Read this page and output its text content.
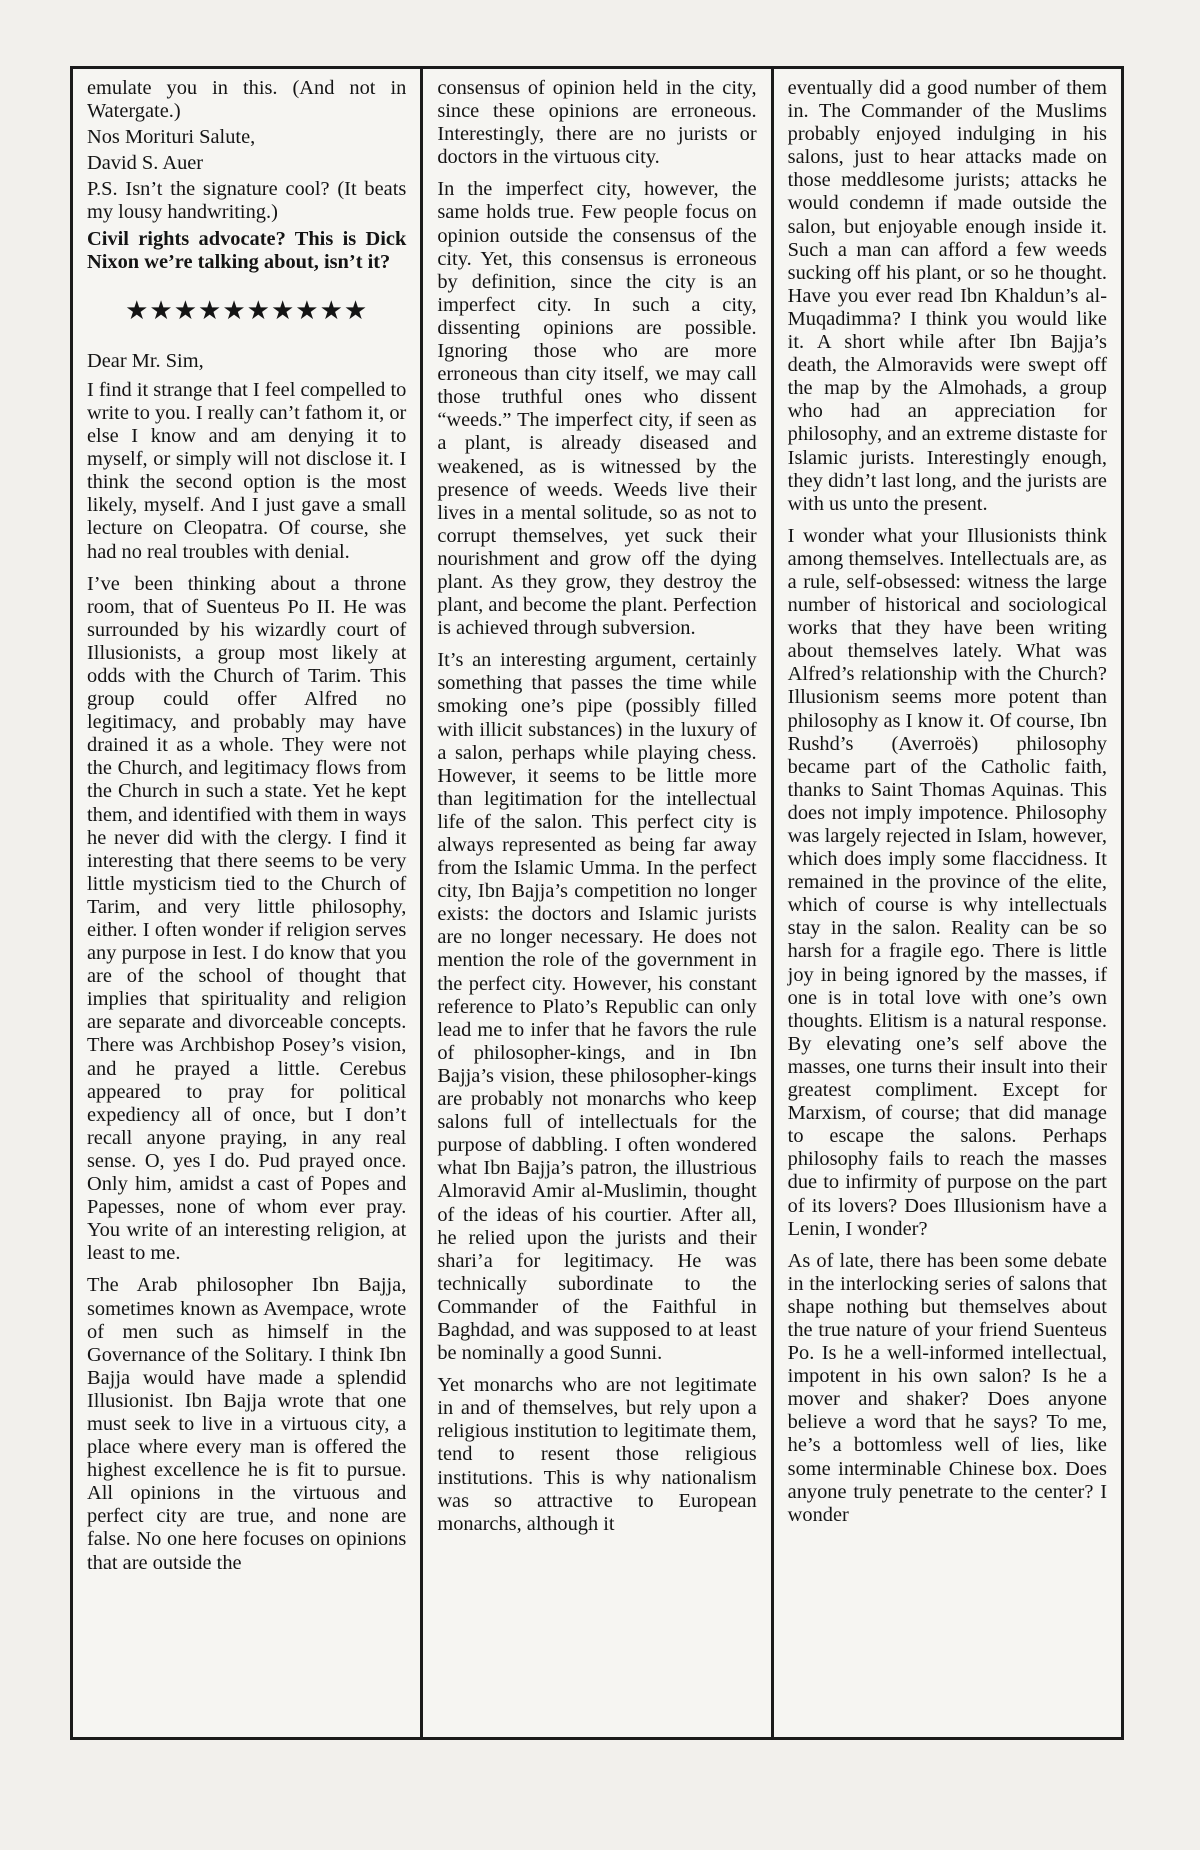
emulate you in this. (And not in Watergate.)

Nos Morituri Salute,

David S. Auer

P.S. Isn’t the signature cool? (It beats my lousy handwriting.)

Civil rights advocate? This is Dick Nixon we’re talking about, isn’t it?

★★★★★★★★★★

Dear Mr. Sim,

I find it strange that I feel compelled to write to you. I really can’t fathom it, or else I know and am denying it to myself, or simply will not disclose it. I think the second option is the most likely, myself. And I just gave a small lecture on Cleopatra. Of course, she had no real troubles with denial.

I’ve been thinking about a throne room, that of Suenteus Po II. He was surrounded by his wizardly court of Illusionists, a group most likely at odds with the Church of Tarim. This group could offer Alfred no legitimacy, and probably may have drained it as a whole. They were not the Church, and legitimacy flows from the Church in such a state. Yet he kept them, and identified with them in ways he never did with the clergy. I find it interesting that there seems to be very little mysticism tied to the Church of Tarim, and very little philosophy, either. I often wonder if religion serves any purpose in Iest. I do know that you are of the school of thought that implies that spirituality and religion are separate and divorceable concepts. There was Archbishop Posey’s vision, and he prayed a little. Cerebus appeared to pray for political expediency all of once, but I don’t recall anyone praying, in any real sense. O, yes I do. Pud prayed once. Only him, amidst a cast of Popes and Papesses, none of whom ever pray. You write of an interesting religion, at least to me.

The Arab philosopher Ibn Bajja, sometimes known as Avempace, wrote of men such as himself in the Governance of the Solitary. I think Ibn Bajja would have made a splendid Illusionist. Ibn Bajja wrote that one must seek to live in a virtuous city, a place where every man is offered the highest excellence he is fit to pursue. All opinions in the virtuous and perfect city are true, and none are false. No one here focuses on opinions that are outside the

consensus of opinion held in the city, since these opinions are erroneous. Interestingly, there are no jurists or doctors in the virtuous city.

In the imperfect city, however, the same holds true. Few people focus on opinion outside the consensus of the city. Yet, this consensus is erroneous by definition, since the city is an imperfect city. In such a city, dissenting opinions are possible. Ignoring those who are more erroneous than city itself, we may call those truthful ones who dissent “weeds.” The imperfect city, if seen as a plant, is already diseased and weakened, as is witnessed by the presence of weeds. Weeds live their lives in a mental solitude, so as not to corrupt themselves, yet suck their nourishment and grow off the dying plant. As they grow, they destroy the plant, and become the plant. Perfection is achieved through subversion.

It’s an interesting argument, certainly something that passes the time while smoking one’s pipe (possibly filled with illicit substances) in the luxury of a salon, perhaps while playing chess. However, it seems to be little more than legitimation for the intellectual life of the salon. This perfect city is always represented as being far away from the Islamic Umma. In the perfect city, Ibn Bajja’s competition no longer exists: the doctors and Islamic jurists are no longer necessary. He does not mention the role of the government in the perfect city. However, his constant reference to Plato’s Republic can only lead me to infer that he favors the rule of philosopher-kings, and in Ibn Bajja’s vision, these philosopher-kings are probably not monarchs who keep salons full of intellectuals for the purpose of dabbling. I often wondered what Ibn Bajja’s patron, the illustrious Almoravid Amir al-Muslimin, thought of the ideas of his courtier. After all, he relied upon the jurists and their shari’a for legitimacy. He was technically subordinate to the Commander of the Faithful in Baghdad, and was supposed to at least be nominally a good Sunni.

Yet monarchs who are not legitimate in and of themselves, but rely upon a religious institution to legitimate them, tend to resent those religious institutions. This is why nationalism was so attractive to European monarchs, although it

eventually did a good number of them in. The Commander of the Muslims probably enjoyed indulging in his salons, just to hear attacks made on those meddlesome jurists; attacks he would condemn if made outside the salon, but enjoyable enough inside it. Such a man can afford a few weeds sucking off his plant, or so he thought. Have you ever read Ibn Khaldun’s al-Muqadimma? I think you would like it. A short while after Ibn Bajja’s death, the Almoravids were swept off the map by the Almohads, a group who had an appreciation for philosophy, and an extreme distaste for Islamic jurists. Interestingly enough, they didn’t last long, and the jurists are with us unto the present.

I wonder what your Illusionists think among themselves. Intellectuals are, as a rule, self-obsessed: witness the large number of historical and sociological works that they have been writing about themselves lately. What was Alfred’s relationship with the Church? Illusionism seems more potent than philosophy as I know it. Of course, Ibn Rushd’s (Averroës) philosophy became part of the Catholic faith, thanks to Saint Thomas Aquinas. This does not imply impotence. Philosophy was largely rejected in Islam, however, which does imply some flaccidness. It remained in the province of the elite, which of course is why intellectuals stay in the salon. Reality can be so harsh for a fragile ego. There is little joy in being ignored by the masses, if one is in total love with one’s own thoughts. Elitism is a natural response. By elevating one’s self above the masses, one turns their insult into their greatest compliment. Except for Marxism, of course; that did manage to escape the salons. Perhaps philosophy fails to reach the masses due to infirmity of purpose on the part of its lovers? Does Illusionism have a Lenin, I wonder?

As of late, there has been some debate in the interlocking series of salons that shape nothing but themselves about the true nature of your friend Suenteus Po. Is he a well-informed intellectual, impotent in his own salon? Is he a mover and shaker? Does anyone believe a word that he says? To me, he’s a bottomless well of lies, like some interminable Chinese box. Does anyone truly penetrate to the center? I wonder
